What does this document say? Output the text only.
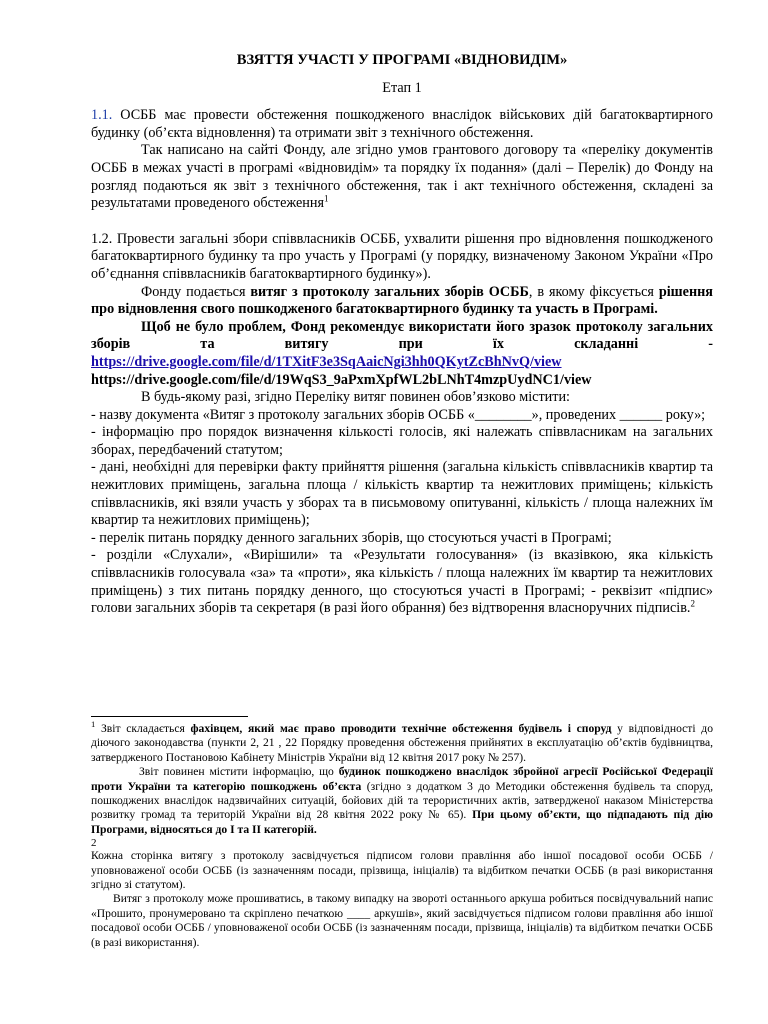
ВЗЯТТЯ УЧАСТІ У ПРОГРАМІ «ВІДНОВИДІМ»

Етап 1

1.1. ОСББ має провести обстеження пошкодженого внаслідок військових дій багатоквартирного будинку (об’єкта відновлення) та отримати звіт з технічного обстеження.

Так написано на сайті Фонду, але згідно умов грантового договору та «переліку документів ОСББ в межах участі в програмі «відновидім» та порядку їх подання» (далі – Перелік) до Фонду на розгляд подаються як звіт з технічного обстеження, так і акт технічного обстеження, складені за результатами проведеного обстеження$^1$

1.2. Провести загальні збори співвласників ОСББ, ухвалити рішення про відновлення пошкодженого багатоквартирного будинку та про участь у Програмі (у порядку, визначеному Законом України «Про об’єднання співвласників багатоквартирного будинку»).

Фонду подається витяг з протоколу загальних зборів ОСББ, в якому фіксується рішення про відновлення свого пошкодженого багатоквартирного будинку та участь в Програмі.

Щоб не було проблем, Фонд рекомендує використати його зразок протоколу загальних зборів та витягу при їх складанні - https://drive.google.com/file/d/1TXitF3e3SqAaicNgi3hh0QKytZcBhNvQ/view

https://drive.google.com/file/d/19WqS3_9aPxmXpfWL2bLNhT4mzpUydNC1/view

В будь-якому разі, згідно Переліку витяг повинен обов’язково містити:

- назву документа «Витяг з протоколу загальних зборів ОСББ «________», проведених ______ року»;

- інформацію про порядок визначення кількості голосів, які належать співвласникам на загальних зборах, передбачений статутом;

- дані, необхідні для перевірки факту прийняття рішення (загальна кількість співвласників квартир та нежитлових приміщень, загальна площа / кількість квартир та нежитлових приміщень; кількість співвласників, які взяли участь у зборах та в письмовому опитуванні, кількість / площа належних їм квартир та нежитлових приміщень);

- перелік питань порядку денного загальних зборів, що стосуються участі в Програмі;

- розділи «Слухали», «Вирішили» та «Результати голосування» (із вказівкою, яка кількість співвласників голосувала «за» та «проти», яка кількість / площа належних їм квартир та нежитлових приміщень) з тих питань порядку денного, що стосуються участі в Програмі; - реквізит «підпис» голови загальних зборів та секретаря (в разі його обрання) без відтворення власноручних підписів.$^2$

$^1$ Звіт складається фахівцем, який має право проводити технічне обстеження будівель і споруд у відповідності до діючого законодавства (пункти 2, 21 , 22 Порядку проведення обстеження прийнятих в експлуатацію об’єктів будівництва, затвердженого Постановою Кабінету Міністрів України від 12 квітня 2017 року № 257).

Звіт повинен містити інформацію, що будинок пошкоджено внаслідок збройної агресії Російської Федерації проти України та категорію пошкоджень об’єкта (згідно з додатком 3 до Методики обстеження будівель та споруд, пошкоджених внаслідок надзвичайних ситуацій, бойових дій та терористичних актів, затвердженої наказом Міністерства розвитку громад та територій України від 28 квітня 2022 року № 65). При цьому об’єкти, що підпадають під дію Програми, відносяться до І та ІІ категорій.

2

Кожна сторінка витягу з протоколу засвідчується підписом голови правління або іншої посадової особи ОСББ / уповноваженої особи ОСББ (із зазначенням посади, прізвища, ініціалів) та відбитком печатки ОСББ (в разі використання згідно зі статутом).

Витяг з протоколу може прошиватись, в такому випадку на звороті останнього аркуша робиться посвідчувальний напис «Прошито, пронумеровано та скріплено печаткою ____ аркушів», який засвідчується підписом голови правління або іншої посадової особи ОСББ / уповноваженої особи ОСББ (із зазначенням посади, прізвища, ініціалів) та відбитком печатки ОСББ (в разі використання).
